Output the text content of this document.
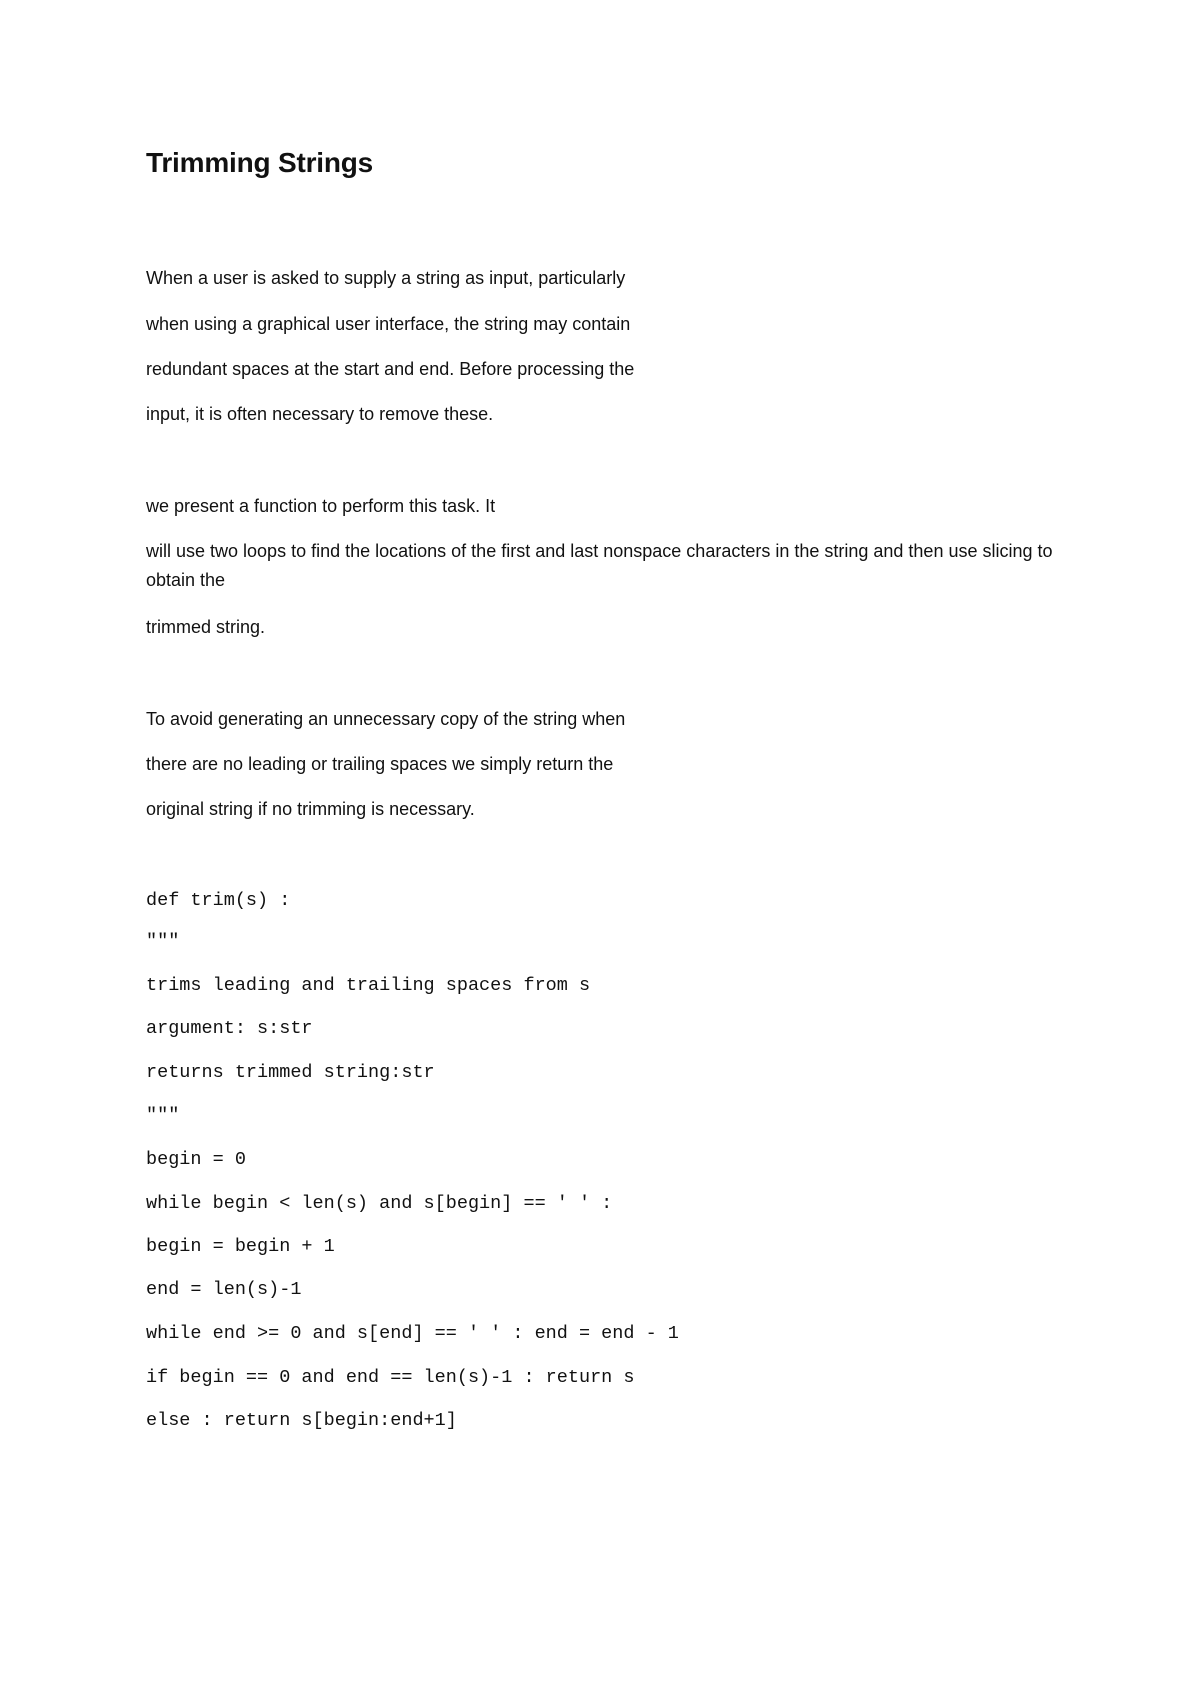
Trimming Strings

When a user is asked to supply a string as input, particularly

when using a graphical user interface, the string may contain

redundant spaces at the start and end. Before processing the

input, it is often necessary to remove these.

we present a function to perform this task. It

will use two loops to find the locations of the first and last nonspace characters in the string and then use slicing to obtain the

trimmed string.

To avoid generating an unnecessary copy of the string when

there are no leading or trailing spaces we simply return the

original string if no trimming is necessary.

def trim(s) :
"""
trims leading and trailing spaces from s
argument: s:str
returns trimmed string:str
"""
begin = 0
while begin < len(s) and s[begin] == ' ' :
begin = begin + 1
end = len(s)-1
while end >= 0 and s[end] == ' ' : end = end - 1
if begin == 0 and end == len(s)-1 : return s
else : return s[begin:end+1]
